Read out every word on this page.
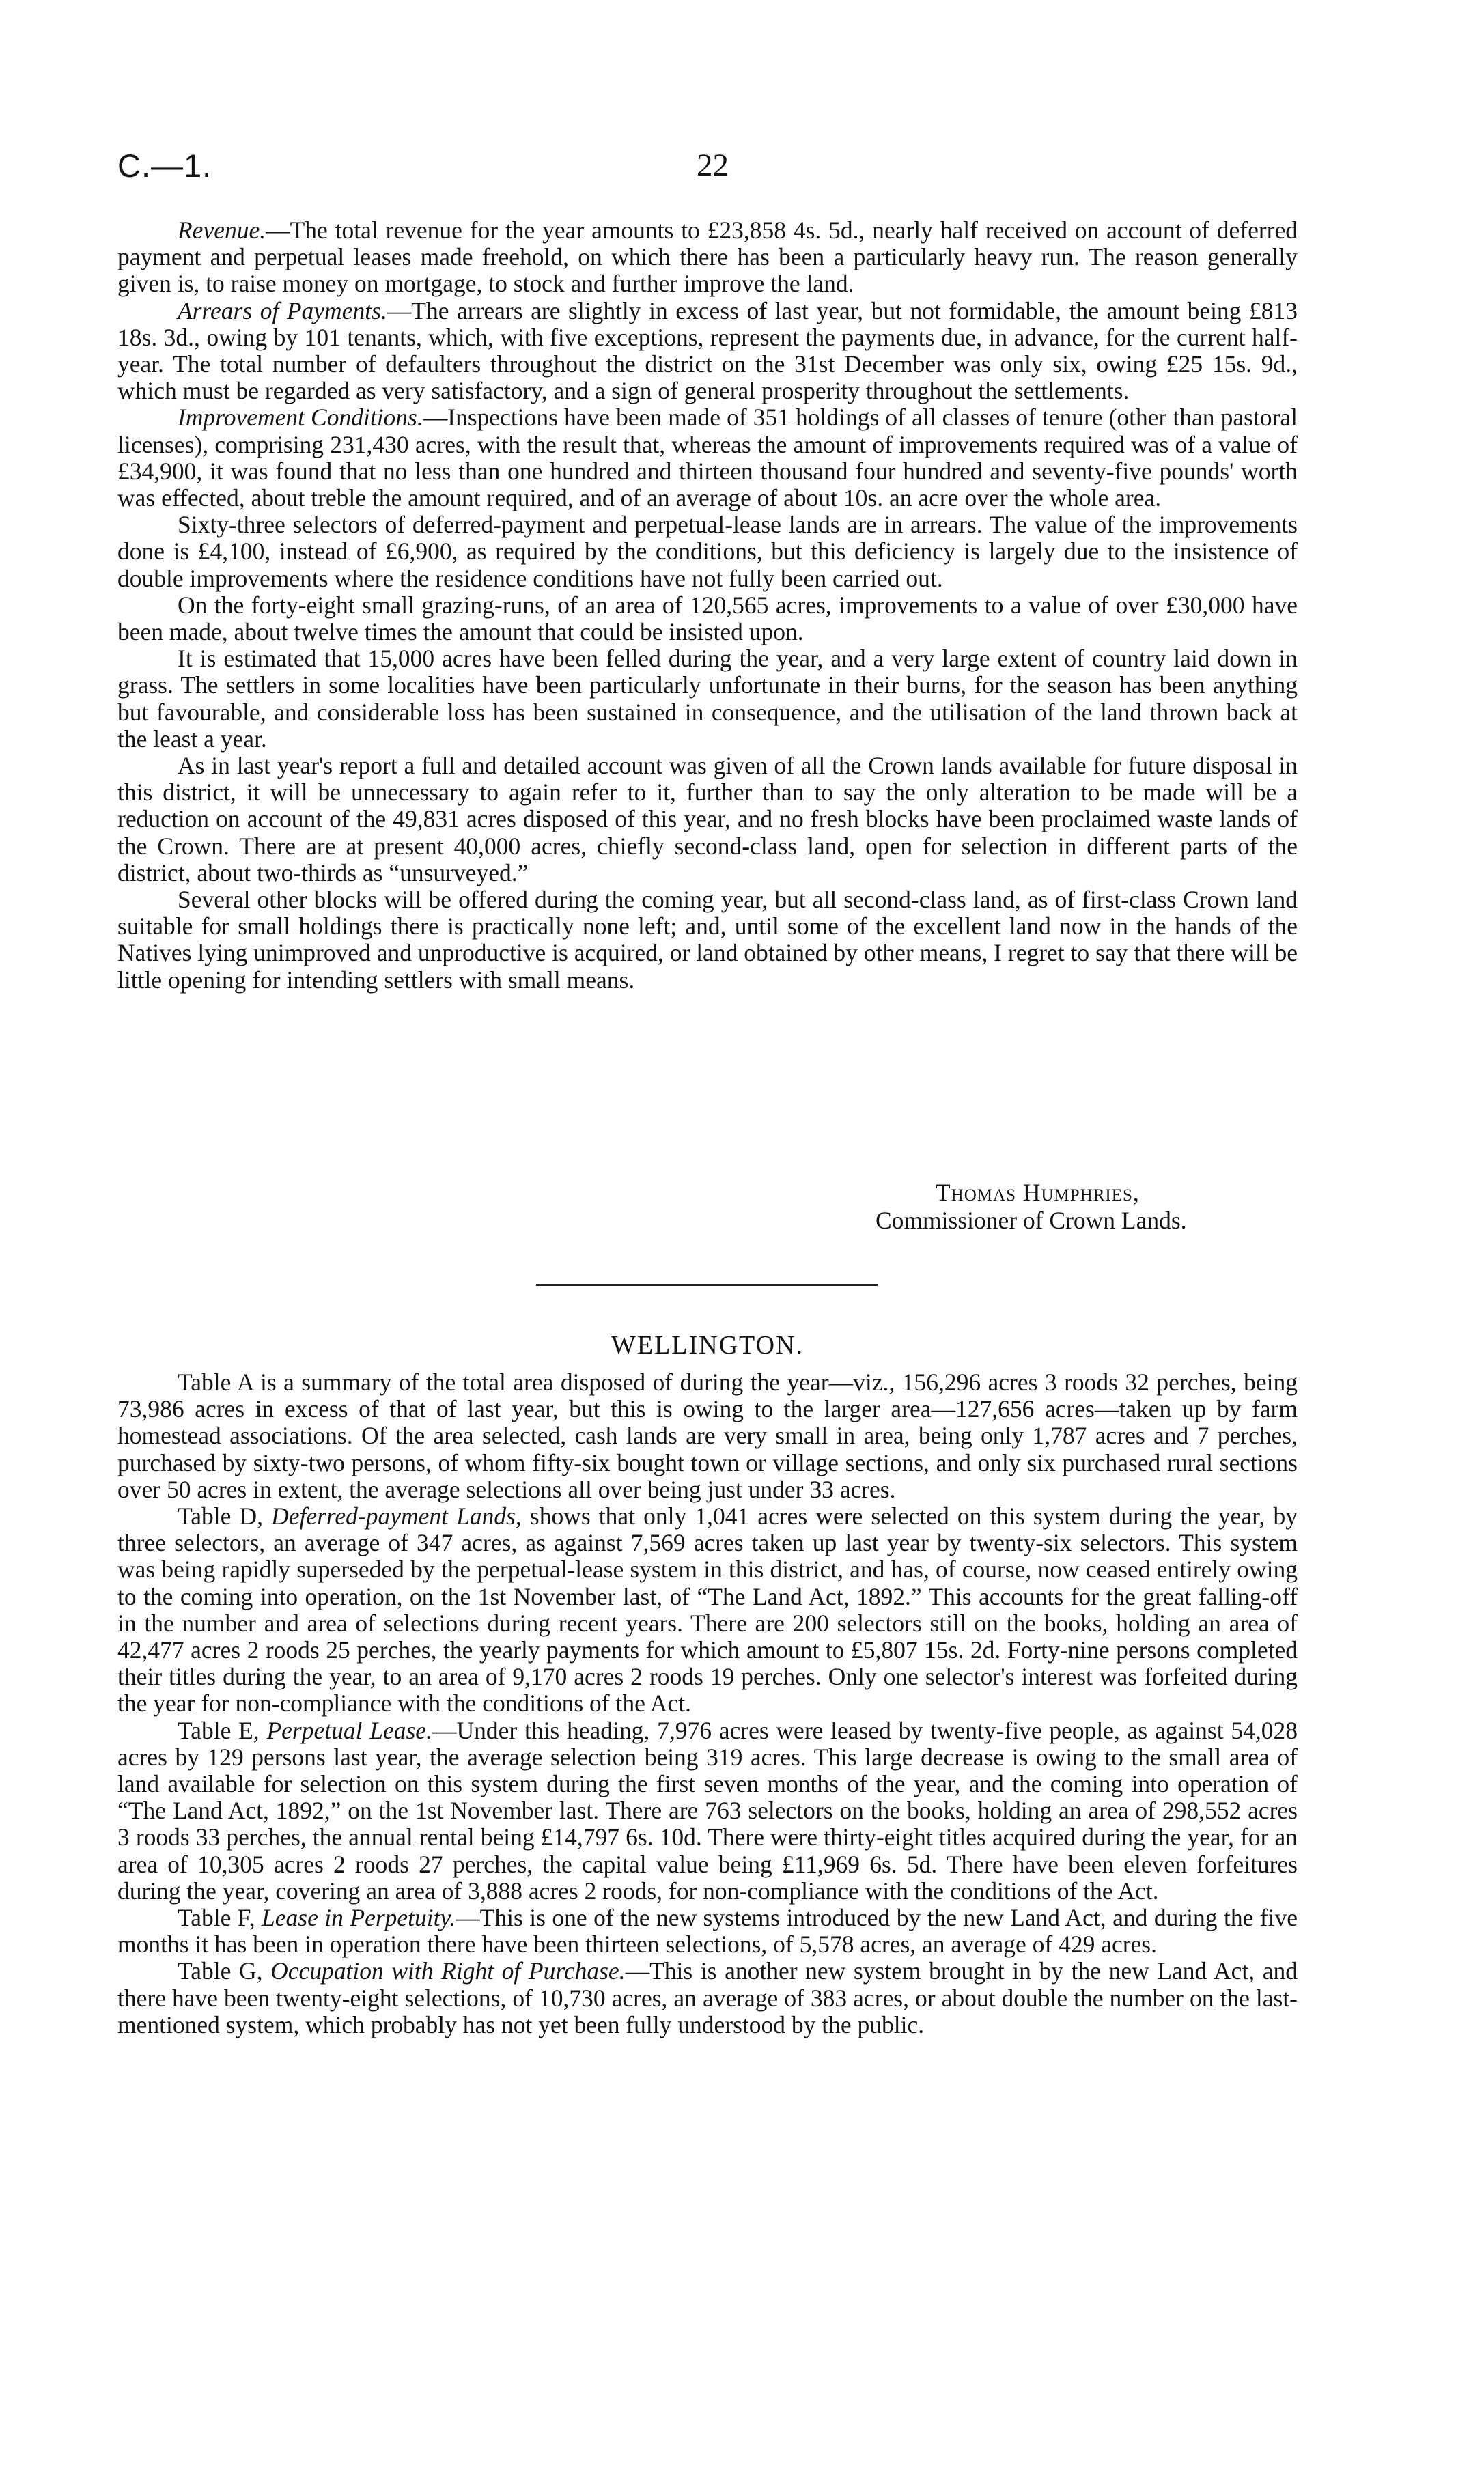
C.—1.	22

Revenue.—The total revenue for the year amounts to £23,858 4s. 5d., nearly half received on account of deferred payment and perpetual leases made freehold, on which there has been a particularly heavy run. The reason generally given is, to raise money on mortgage, to stock and further improve the land.

Arrears of Payments.—The arrears are slightly in excess of last year, but not formidable, the amount being £813 18s. 3d., owing by 101 tenants, which, with five exceptions, represent the payments due, in advance, for the current half-year. The total number of defaulters throughout the district on the 31st December was only six, owing £25 15s. 9d., which must be regarded as very satisfactory, and a sign of general prosperity throughout the settlements.

Improvement Conditions.—Inspections have been made of 351 holdings of all classes of tenure (other than pastoral licenses), comprising 231,430 acres, with the result that, whereas the amount of improvements required was of a value of £34,900, it was found that no less than one hundred and thirteen thousand four hundred and seventy-five pounds' worth was effected, about treble the amount required, and of an average of about 10s. an acre over the whole area.

Sixty-three selectors of deferred-payment and perpetual-lease lands are in arrears. The value of the improvements done is £4,100, instead of £6,900, as required by the conditions, but this deficiency is largely due to the insistence of double improvements where the residence conditions have not fully been carried out.

On the forty-eight small grazing-runs, of an area of 120,565 acres, improvements to a value of over £30,000 have been made, about twelve times the amount that could be insisted upon.

It is estimated that 15,000 acres have been felled during the year, and a very large extent of country laid down in grass. The settlers in some localities have been particularly unfortunate in their burns, for the season has been anything but favourable, and considerable loss has been sustained in consequence, and the utilisation of the land thrown back at the least a year.

As in last year's report a full and detailed account was given of all the Crown lands available for future disposal in this district, it will be unnecessary to again refer to it, further than to say the only alteration to be made will be a reduction on account of the 49,831 acres disposed of this year, and no fresh blocks have been proclaimed waste lands of the Crown. There are at present 40,000 acres, chiefly second-class land, open for selection in different parts of the district, about two-thirds as “unsurveyed.”

Several other blocks will be offered during the coming year, but all second-class land, as of first-class Crown land suitable for small holdings there is practically none left; and, until some of the excellent land now in the hands of the Natives lying unimproved and unproductive is acquired, or land obtained by other means, I regret to say that there will be little opening for intending settlers with small means.

Thomas Humphries,
Commissioner of Crown Lands.
WELLINGTON.

Table A is a summary of the total area disposed of during the year—viz., 156,296 acres 3 roods 32 perches, being 73,986 acres in excess of that of last year, but this is owing to the larger area—127,656 acres—taken up by farm homestead associations. Of the area selected, cash lands are very small in area, being only 1,787 acres and 7 perches, purchased by sixty-two persons, of whom fifty-six bought town or village sections, and only six purchased rural sections over 50 acres in extent, the average selections all over being just under 33 acres.

Table D, Deferred-payment Lands, shows that only 1,041 acres were selected on this system during the year, by three selectors, an average of 347 acres, as against 7,569 acres taken up last year by twenty-six selectors. This system was being rapidly superseded by the perpetual-lease system in this district, and has, of course, now ceased entirely owing to the coming into operation, on the 1st November last, of “The Land Act, 1892.” This accounts for the great falling-off in the number and area of selections during recent years. There are 200 selectors still on the books, holding an area of 42,477 acres 2 roods 25 perches, the yearly payments for which amount to £5,807 15s. 2d. Forty-nine persons completed their titles during the year, to an area of 9,170 acres 2 roods 19 perches. Only one selector's interest was forfeited during the year for non-compliance with the conditions of the Act.

Table E, Perpetual Lease.—Under this heading, 7,976 acres were leased by twenty-five people, as against 54,028 acres by 129 persons last year, the average selection being 319 acres. This large decrease is owing to the small area of land available for selection on this system during the first seven months of the year, and the coming into operation of “The Land Act, 1892,” on the 1st November last. There are 763 selectors on the books, holding an area of 298,552 acres 3 roods 33 perches, the annual rental being £14,797 6s. 10d. There were thirty-eight titles acquired during the year, for an area of 10,305 acres 2 roods 27 perches, the capital value being £11,969 6s. 5d. There have been eleven forfeitures during the year, covering an area of 3,888 acres 2 roods, for non-compliance with the conditions of the Act.

Table F, Lease in Perpetuity.—This is one of the new systems introduced by the new Land Act, and during the five months it has been in operation there have been thirteen selections, of 5,578 acres, an average of 429 acres.

Table G, Occupation with Right of Purchase.—This is another new system brought in by the new Land Act, and there have been twenty-eight selections, of 10,730 acres, an average of 383 acres, or about double the number on the last-mentioned system, which probably has not yet been fully understood by the public.
